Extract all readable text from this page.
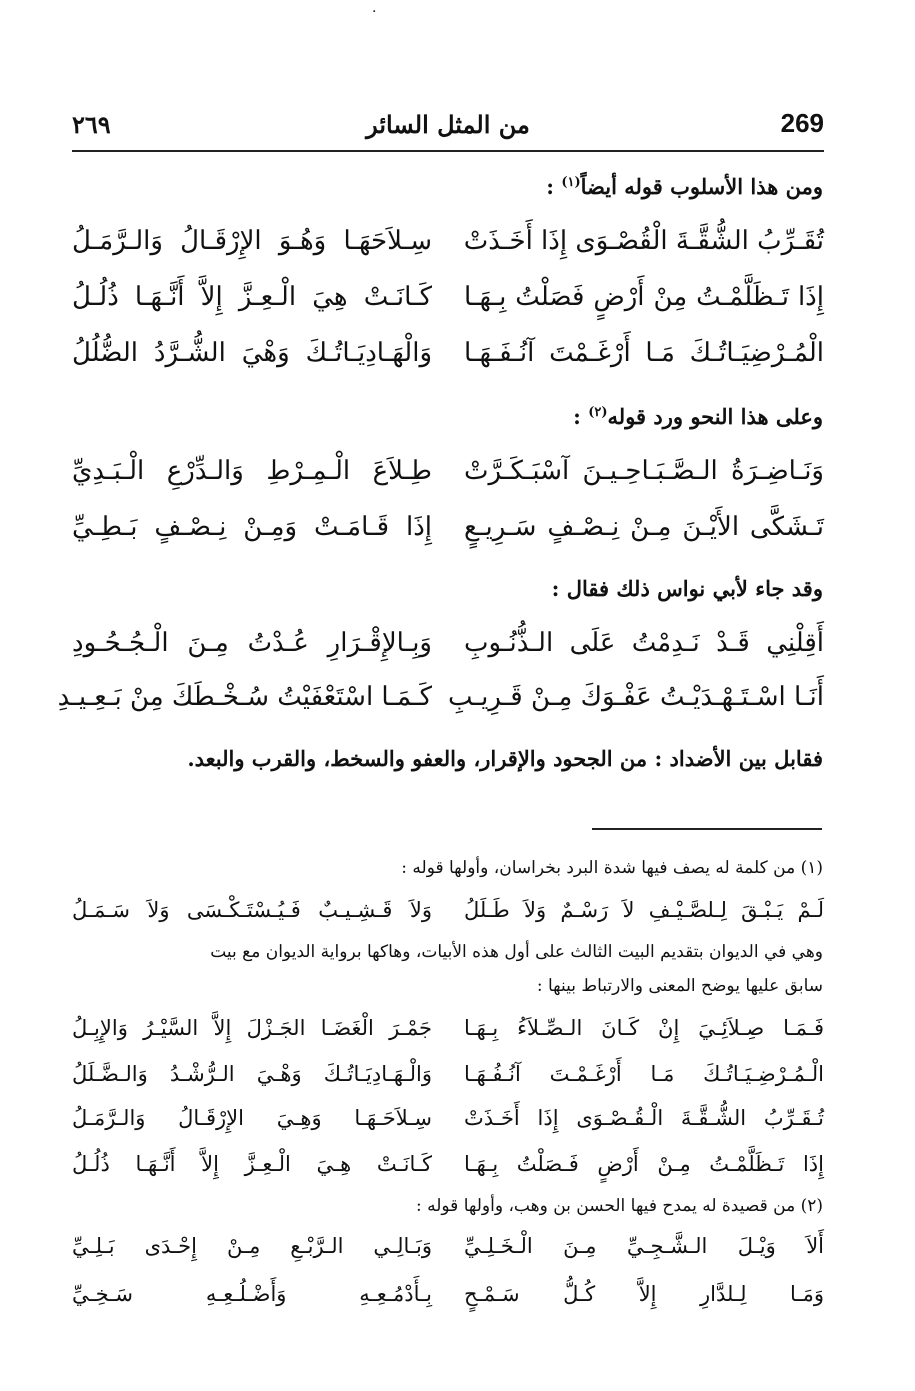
·
٢٦٩	من المثل السائر	269
ومن هذا الأسلوب قوله أيضاً$^{(١)}$ :
تُقَـرِّبُ الشُّقَّـةَ الْقُصْـوَى إِذَا أَخَـذَتْ
سِـلاَحَهَـا وَهُـوَ الإِرْقَـالُ وَالـرَّمَـلُ
إِذَا تَـظَلَّمْـتُ مِنْ أَرْضٍ فَصَلْتُ بِـهَـا
كَـانَـتْ هِيَ الْـعِـزَّ إِلاَّ أَنَّـهَـا ذُلُـلُ
الْمُـرْضِيَـاتُـكَ مَـا أَرْغَـمْتَ آنُـفَـهَـا
وَالْهَـادِيَـاتُـكَ وَهْيَ الشُّـرَّدُ الضُّلُلُ
وعلى هذا النحو ورد قوله$^{(٢)}$ :
وَنَـاضِـرَةُ الـصَّـبَـاحِـيـنَ آسْبَـكَـرَّتْ
طِـلاَعَ الْـمِـرْطِ وَالـدِّرْعِ الْـبَـدِيِّ
تَـشَكَّى الأَيْـنَ مِـنْ نِـصْـفٍ سَـرِيـعٍ
إِذَا قَـامَـتْ وَمِـنْ نِـصْـفٍ بَـطِـيِّ
وقد جاء لأبي نواس ذلك فقال :
أَقِلْنِي قَـدْ نَـدِمْتُ عَلَى الـذُّنُـوبِ
وَبِـالإِقْـرَارِ عُـدْتُ مِـنَ الْـجُـحُـودِ
أَنَـا اسْـتَـهْـدَيْـتُ عَفْـوَكَ مِـنْ قَـرِيـبِ
كَـمَـا اسْتَعْفَيْتُ سُـخْـطَكَ مِنْ بَـعِـيـدِ
فقابل بين الأضداد : من الجحود والإقرار، والعفو والسخط، والقرب والبعد.
(١) من كلمة له يصف فيها شدة البرد بخراسان، وأولها قوله :
لَـمْ يَـبْـقَ لِـلصَّـيْـفِ لاَ رَسْـمٌ وَلاَ طَـلَلُ
وَلاَ قَـشِـيـبٌ فَـيُـسْتَـكْـسَى وَلاَ سَـمَـلُ
وهي في الديوان بتقديم البيت الثالث على أول هذه الأبيات، وهاكها برواية الديوان مع بيت
سابق عليها يوضح المعنى والارتباط بينها :
فَـمَـا صِـلاَئِـيَ إِنْ كَـانَ الـصِّـلاَءُ بِـهَـا
جَمْـرَ الْغَضَـا الجَـزْلَ إِلاَّ السَّيْـرُ وَالإِبِـلُ
الْـمُـرْضِـيَـاتُـكَ مَـا أَرْغَـمْـتَ آنُـفُـهَـا
وَالْـهَـادِيَـاتُـكَ وَهْـيَ الـرُّشْـدُ وَالـضَّـلَلُ
تُـقَـرِّبُ الشُّـقَّـةَ الْـقُـصْـوَى إِذَا أَخَـذَتْ
سِـلاَحَـهَـا وَهِـيَ الإِرْقَـالُ وَالـرَّمَـلُ
إِذَا تَـظَلَّمْـتُ مِـنْ أَرْضٍ فَـصَلْتُ بِـهَـا
كَـانَـتْ هِـيَ الْـعِـزَّ إِلاَّ أَنَّـهَـا ذُلُـلُ
(٢) من قصيدة له يمدح فيها الحسن بن وهب، وأولها قوله :
أَلاَ وَيْـلَ الـشَّـجِـيِّ مِـنَ الْـخَـلِـيِّ
وَبَـالِـي الـرَّبْـعِ مِـنْ إِحْـدَى بَـلِـيِّ
وَمَـا لِـلدَّارِ إِلاَّ كُـلُّ سَـمْـحٍ
بِـأَدْمُـعِـهِ وَأَضْـلُـعِـهِ سَـخِـيِّ
